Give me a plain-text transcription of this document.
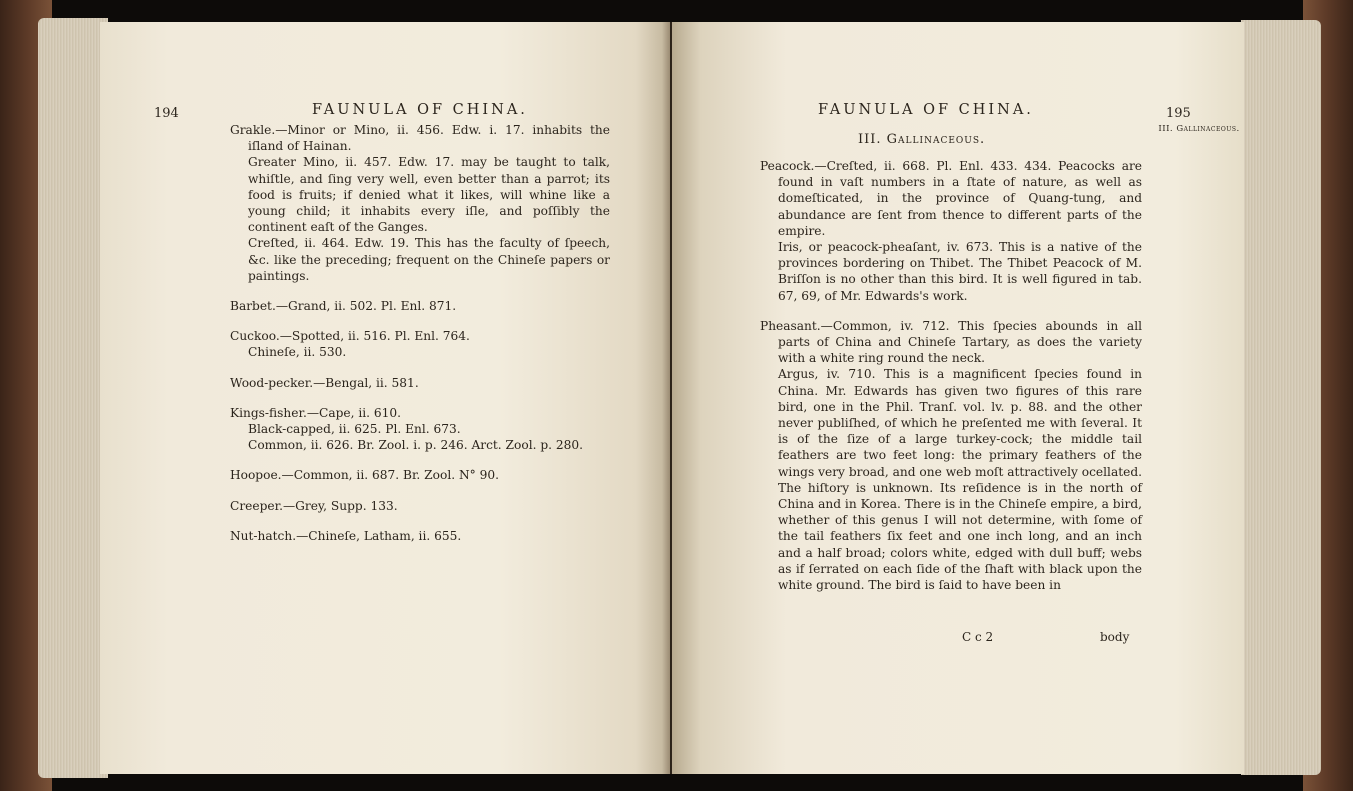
194	FAUNULA OF CHINA.

Grakle.—Minor or Mino, ii. 456. Edw. i. 17. inhabits the iſland of Hainan.

Greater Mino, ii. 457. Edw. 17. may be taught to talk, whiſtle, and ſing very well, even better than a parrot; its food is fruits; if denied what it likes, will whine like a young child; it inhabits every iſle, and poſſibly the continent eaſt of the Ganges.

Creſted, ii. 464. Edw. 19. This has the faculty of ſpeech, &c. like the preceding; frequent on the Chineſe papers or paintings.

Barbet.—Grand, ii. 502. Pl. Enl. 871.

Cuckoo.—Spotted, ii. 516. Pl. Enl. 764.

Chineſe, ii. 530.

Wood-pecker.—Bengal, ii. 581.

Kings-fisher.—Cape, ii. 610.

Black-capped, ii. 625. Pl. Enl. 673.

Common, ii. 626. Br. Zool. i. p. 246. Arct. Zool. p. 280.

Hoopoe.—Common, ii. 687. Br. Zool. N° 90.

Creeper.—Grey, Supp. 133.

Nut-hatch.—Chineſe, Latham, ii. 655.

FAUNULA OF CHINA.	195
III. Gallinaceous.
III. Gallinaceous.

Peacock.—Creſted, ii. 668. Pl. Enl. 433. 434. Peacocks are found in vaſt numbers in a ſtate of nature, as well as domeſticated, in the province of Quang-tung, and abundance are ſent from thence to different parts of the empire.

Iris, or peacock-pheaſant, iv. 673. This is a native of the provinces bordering on Thibet. The Thibet Peacock of M. Briſſon is no other than this bird. It is well figured in tab. 67, 69, of Mr. Edwards's work.

Pheasant.—Common, iv. 712. This ſpecies abounds in all parts of China and Chineſe Tartary, as does the variety with a white ring round the neck.

Argus, iv. 710. This is a magnificent ſpecies found in China. Mr. Edwards has given two figures of this rare bird, one in the Phil. Tranſ. vol. lv. p. 88. and the other never publiſhed, of which he preſented me with ſeveral. It is of the ſize of a large turkey-cock; the middle tail feathers are two feet long: the primary feathers of the wings very broad, and one web moſt attractively ocellated. The hiſtory is unknown. Its reſidence is in the north of China and in Korea. There is in the Chineſe empire, a bird, whether of this genus I will not determine, with ſome of the tail feathers ſix feet and one inch long, and an inch and a half broad; colors white, edged with dull buff; webs as if ſerrated on each ſide of the ſhaft with black upon the white ground. The bird is ſaid to have been in

C c 2	body
